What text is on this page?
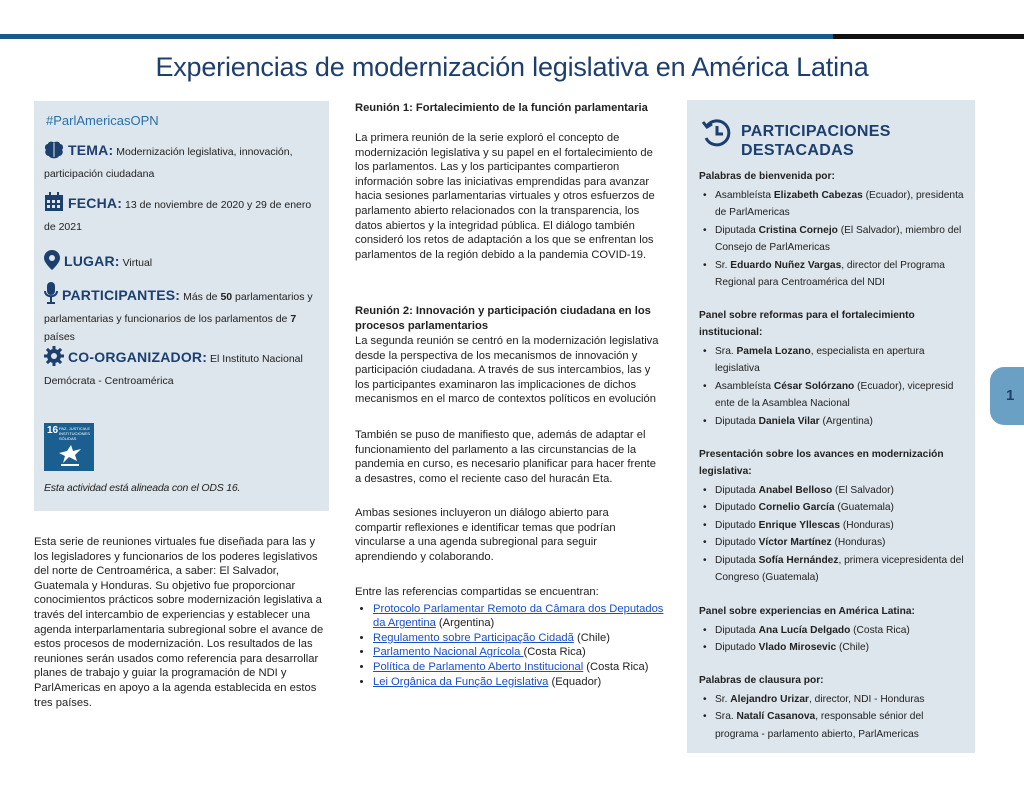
Experiencias de modernización legislativa en América Latina
#ParlAmericasOPN
TEMA: Modernización legislativa, innovación, participación ciudadana
FECHA: 13 de noviembre de 2020 y 29 de enero de 2021
LUGAR: Virtual
PARTICIPANTES: Más de 50 parlamentarios y parlamentarias y funcionarios de los parlamentos de 7 países
CO-ORGANIZADOR: El Instituto Nacional Demócrata - Centroamérica
16 PAZ, JUSTICIA E INSTITUCIONES SÓLIDAS
Esta actividad está alineada con el ODS 16.
Esta serie de reuniones virtuales fue diseñada para las y los legisladores y funcionarios de los poderes legislativos del norte de Centroamérica, a saber: El Salvador, Guatemala y Honduras. Su objetivo fue proporcionar conocimientos prácticos sobre modernización legislativa a través del intercambio de experiencias y establecer una agenda interparlamentaria subregional sobre el avance de estos procesos de modernización. Los resultados de las reuniones serán usados como referencia para desarrollar planes de trabajo y guiar la programación de NDI y ParlAmericas en apoyo a la agenda establecida en estos tres países.
Reunión 1: Fortalecimiento de la función parlamentaria
La primera reunión de la serie exploró el concepto de modernización legislativa y su papel en el fortalecimiento de los parlamentos. Las y los participantes compartieron información sobre las iniciativas emprendidas para avanzar hacia sesiones parlamentarias virtuales y otros esfuerzos de parlamento abierto relacionados con la transparencia, los datos abiertos y la integridad pública. El diálogo también consideró los retos de adaptación a los que se enfrentan los parlamentos de la región debido a la pandemia COVID-19.
Reunión 2: Innovación y participación ciudadana en los procesos parlamentarios
La segunda reunión se centró en la modernización legislativa desde la perspectiva de los mecanismos de innovación y participación ciudadana. A través de sus intercambios, las y los participantes examinaron las implicaciones de dichos mecanismos en el marco de contextos políticos en evolución
También se puso de manifiesto que, además de adaptar el funcionamiento del parlamento a las circunstancias de la pandemia en curso, es necesario planificar para hacer frente a desastres, como el reciente caso del huracán Eta.
Ambas sesiones incluyeron un diálogo abierto para compartir reflexiones e identificar temas que podrían vincularse a una agenda subregional para seguir aprendiendo y colaborando.
Entre las referencias compartidas se encuentran:
• Protocolo Parlamentar Remoto da Câmara dos Deputados da Argentina (Argentina)
• Regulamento sobre Participação Cidadã (Chile)
• Parlamento Nacional Agrícola (Costa Rica)
• Política de Parlamento Aberto Institucional (Costa Rica)
• Lei Orgânica da Função Legislativa (Equador)
PARTICIPACIONES
DESTACADAS
Palabras de bienvenida por:
• Asambleísta Elizabeth Cabezas (Ecuador), presidenta de ParlAmericas
• Diputada Cristina Cornejo (El Salvador), miembro del Consejo de ParlAmericas
• Sr. Eduardo Nuñez Vargas, director del Programa Regional para Centroamérica del NDI
Panel sobre reformas para el fortalecimiento institucional:
• Sra. Pamela Lozano, especialista en apertura legislativa
• Asambleísta César Solórzano (Ecuador), vicepresid ente de la Asamblea Nacional
• Diputada Daniela Vilar (Argentina)
Presentación sobre los avances en modernización legislativa:
• Diputada Anabel Belloso (El Salvador)
• Diputado Cornelio García (Guatemala)
• Diputado Enrique Yllescas (Honduras)
• Diputado Víctor Martínez (Honduras)
• Diputada Sofía Hernández, primera vicepresidenta del Congreso (Guatemala)
Panel sobre experiencias en América Latina:
• Diputada Ana Lucía Delgado (Costa Rica)
• Diputado Vlado Mirosevic (Chile)
Palabras de clausura por:
• Sr. Alejandro Urizar, director, NDI - Honduras
• Sra. Natalí Casanova, responsable sénior del programa - parlamento abierto, ParlAmericas
1
